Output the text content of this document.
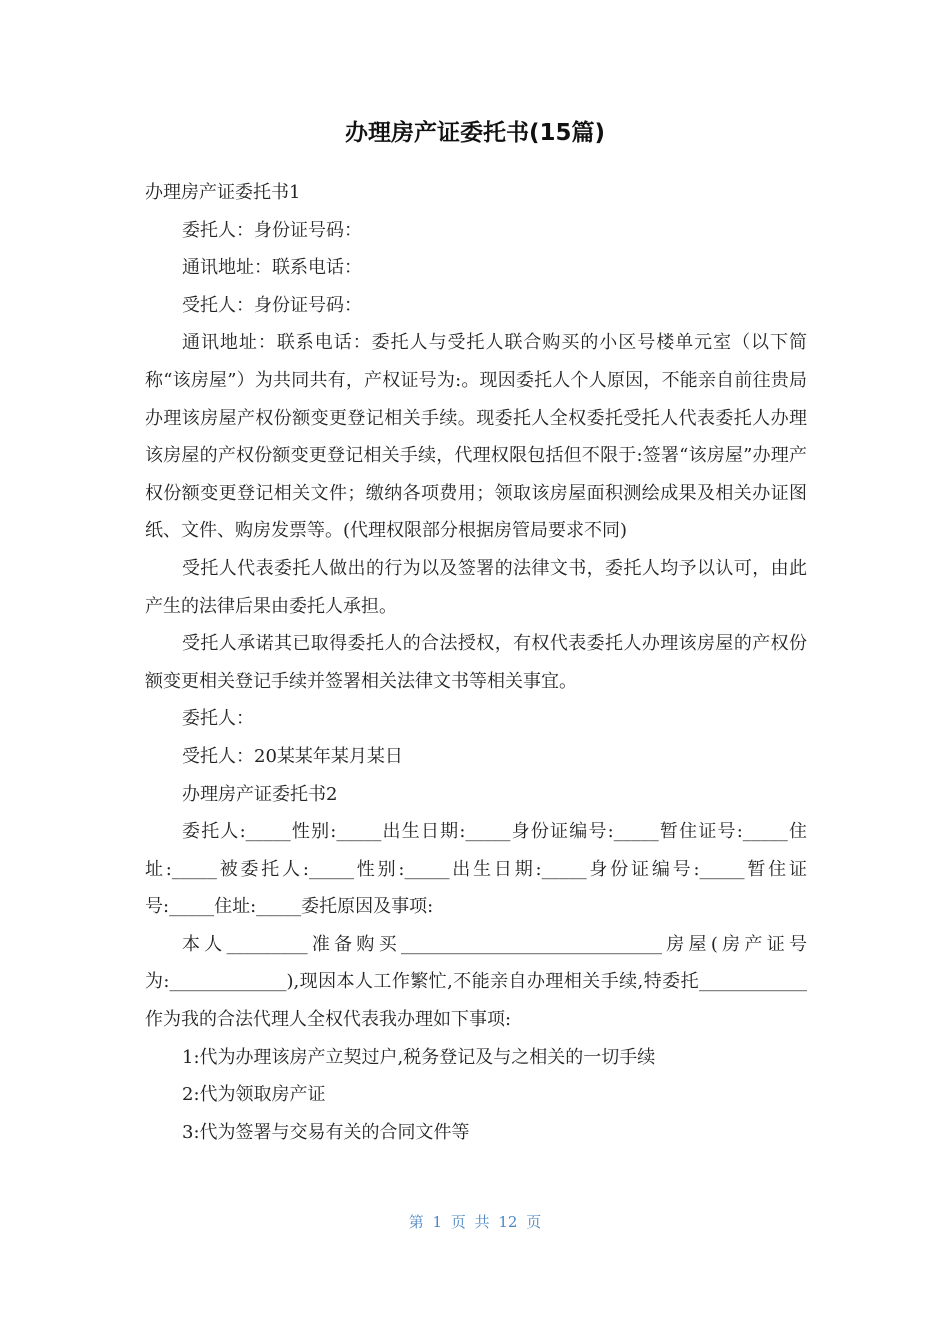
办理房产证委托书(15篇)

办理房产证委托书1

委托人：身份证号码：

通讯地址：联系电话：

受托人：身份证号码：

通讯地址：联系电话：委托人与受托人联合购买的小区号楼单元室（以下简称“该房屋”）为共同共有，产权证号为:。现因委托人个人原因，不能亲自前往贵局办理该房屋产权份额变更登记相关手续。现委托人全权委托受托人代表委托人办理该房屋的产权份额变更登记相关手续，代理权限包括但不限于:签署“该房屋”办理产权份额变更登记相关文件；缴纳各项费用；领取该房屋面积测绘成果及相关办证图纸、文件、购房发票等。(代理权限部分根据房管局要求不同)

受托人代表委托人做出的行为以及签署的法律文书，委托人均予以认可，由此产生的法律后果由委托人承担。

受托人承诺其已取得委托人的合法授权，有权代表委托人办理该房屋的产权份额变更相关登记手续并签署相关法律文书等相关事宜。

委托人：

受托人：20某某年某月某日

办理房产证委托书2

委托人:_____性别:_____出生日期:_____身份证编号:_____暂住证号:_____住址:_____被委托人:_____性别:_____出生日期:_____身份证编号:_____暂住证号:_____住址:_____委托原因及事项:

本人_________准备购买_____________________________房屋(房产证号为:_____________),现因本人工作繁忙,不能亲自办理相关手续,特委托____________作为我的合法代理人全权代表我办理如下事项:

1:代为办理该房产立契过户,税务登记及与之相关的一切手续

2:代为领取房产证

3:代为签署与交易有关的合同文件等

第 1 页 共 12 页
